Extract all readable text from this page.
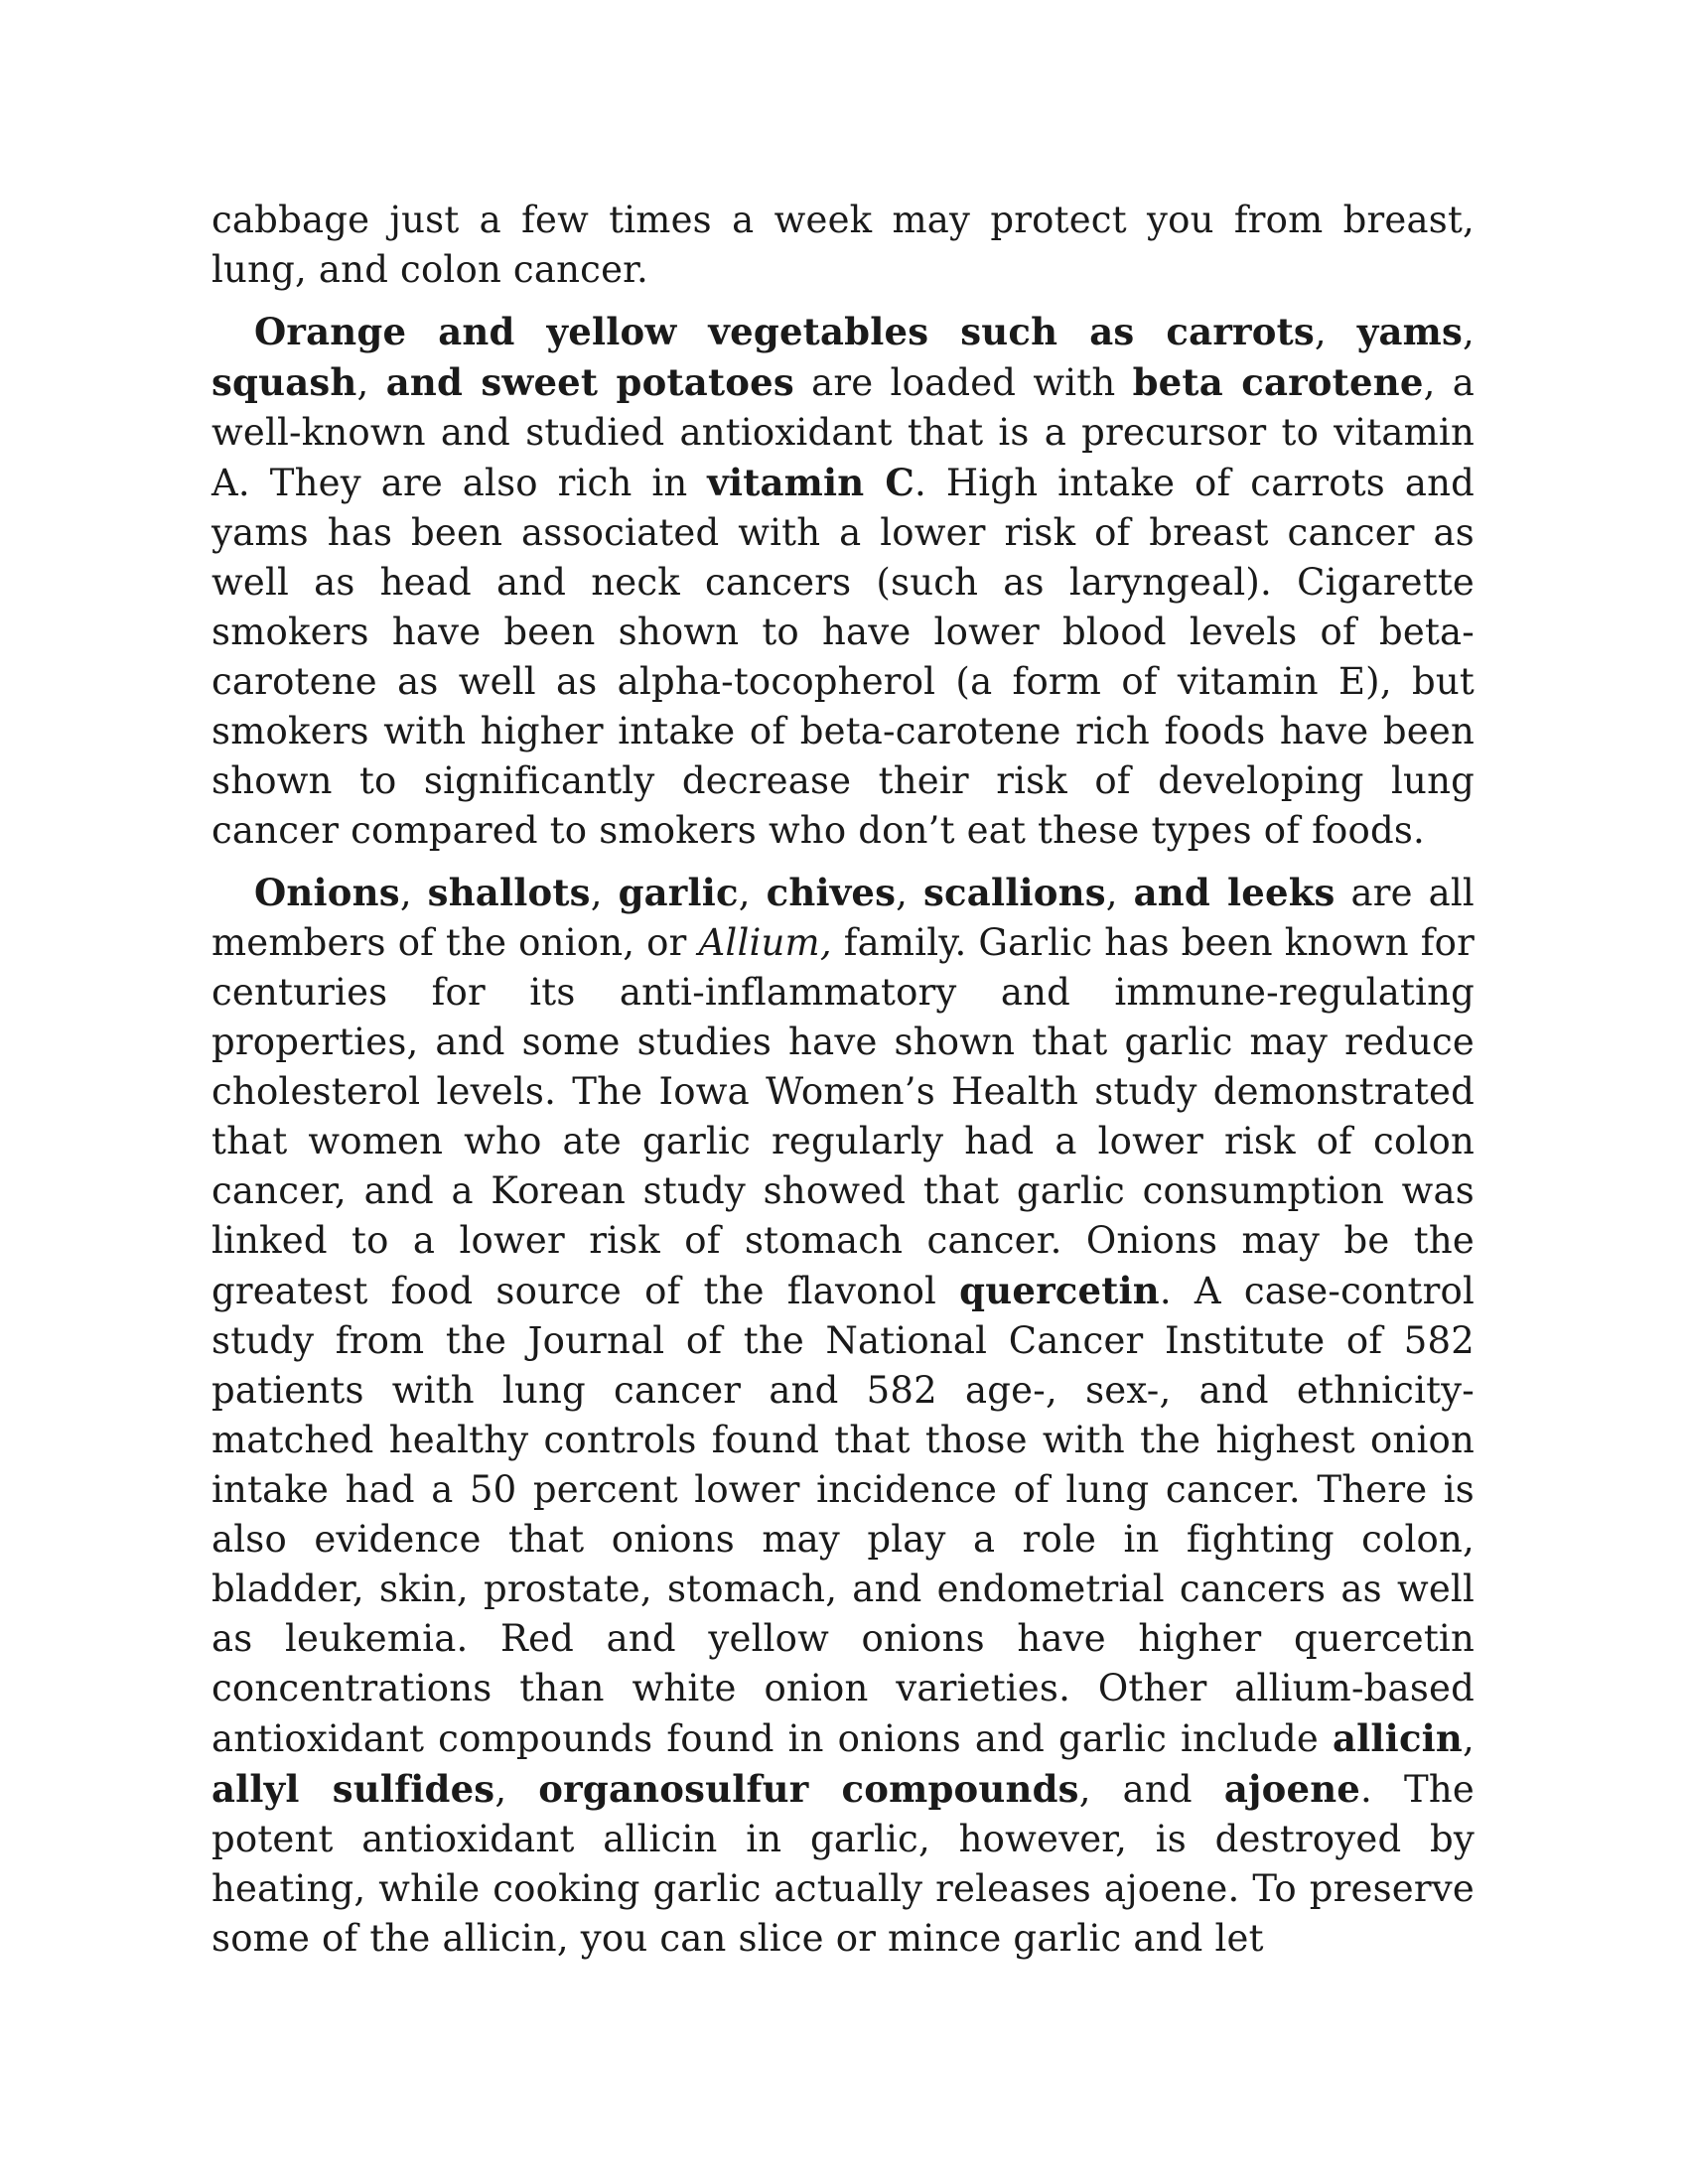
cabbage just a few times a week may protect you from breast, lung, and colon cancer.

Orange and yellow vegetables such as carrots, yams, squash, and sweet potatoes are loaded with beta carotene, a well-known and studied antioxidant that is a precursor to vitamin A. They are also rich in vitamin C. High intake of carrots and yams has been associated with a lower risk of breast cancer as well as head and neck cancers (such as laryngeal). Cigarette smokers have been shown to have lower blood levels of beta-carotene as well as alpha-tocopherol (a form of vitamin E), but smokers with higher intake of beta-carotene rich foods have been shown to significantly decrease their risk of developing lung cancer compared to smokers who don’t eat these types of foods.

Onions, shallots, garlic, chives, scallions, and leeks are all members of the onion, or Allium, family. Garlic has been known for centuries for its anti-inflammatory and immune-regulating properties, and some studies have shown that garlic may reduce cholesterol levels. The Iowa Women’s Health study demonstrated that women who ate garlic regularly had a lower risk of colon cancer, and a Korean study showed that garlic consumption was linked to a lower risk of stomach cancer. Onions may be the greatest food source of the flavonol quercetin. A case-control study from the Journal of the National Cancer Institute of 582 patients with lung cancer and 582 age-, sex-, and ethnicity-matched healthy controls found that those with the highest onion intake had a 50 percent lower incidence of lung cancer. There is also evidence that onions may play a role in fighting colon, bladder, skin, prostate, stomach, and endometrial cancers as well as leukemia. Red and yellow onions have higher quercetin concentrations than white onion varieties. Other allium-based antioxidant compounds found in onions and garlic include allicin, allyl sulfides, organosulfur compounds, and ajoene. The potent antioxidant allicin in garlic, however, is destroyed by heating, while cooking garlic actually releases ajoene. To preserve some of the allicin, you can slice or mince garlic and let
